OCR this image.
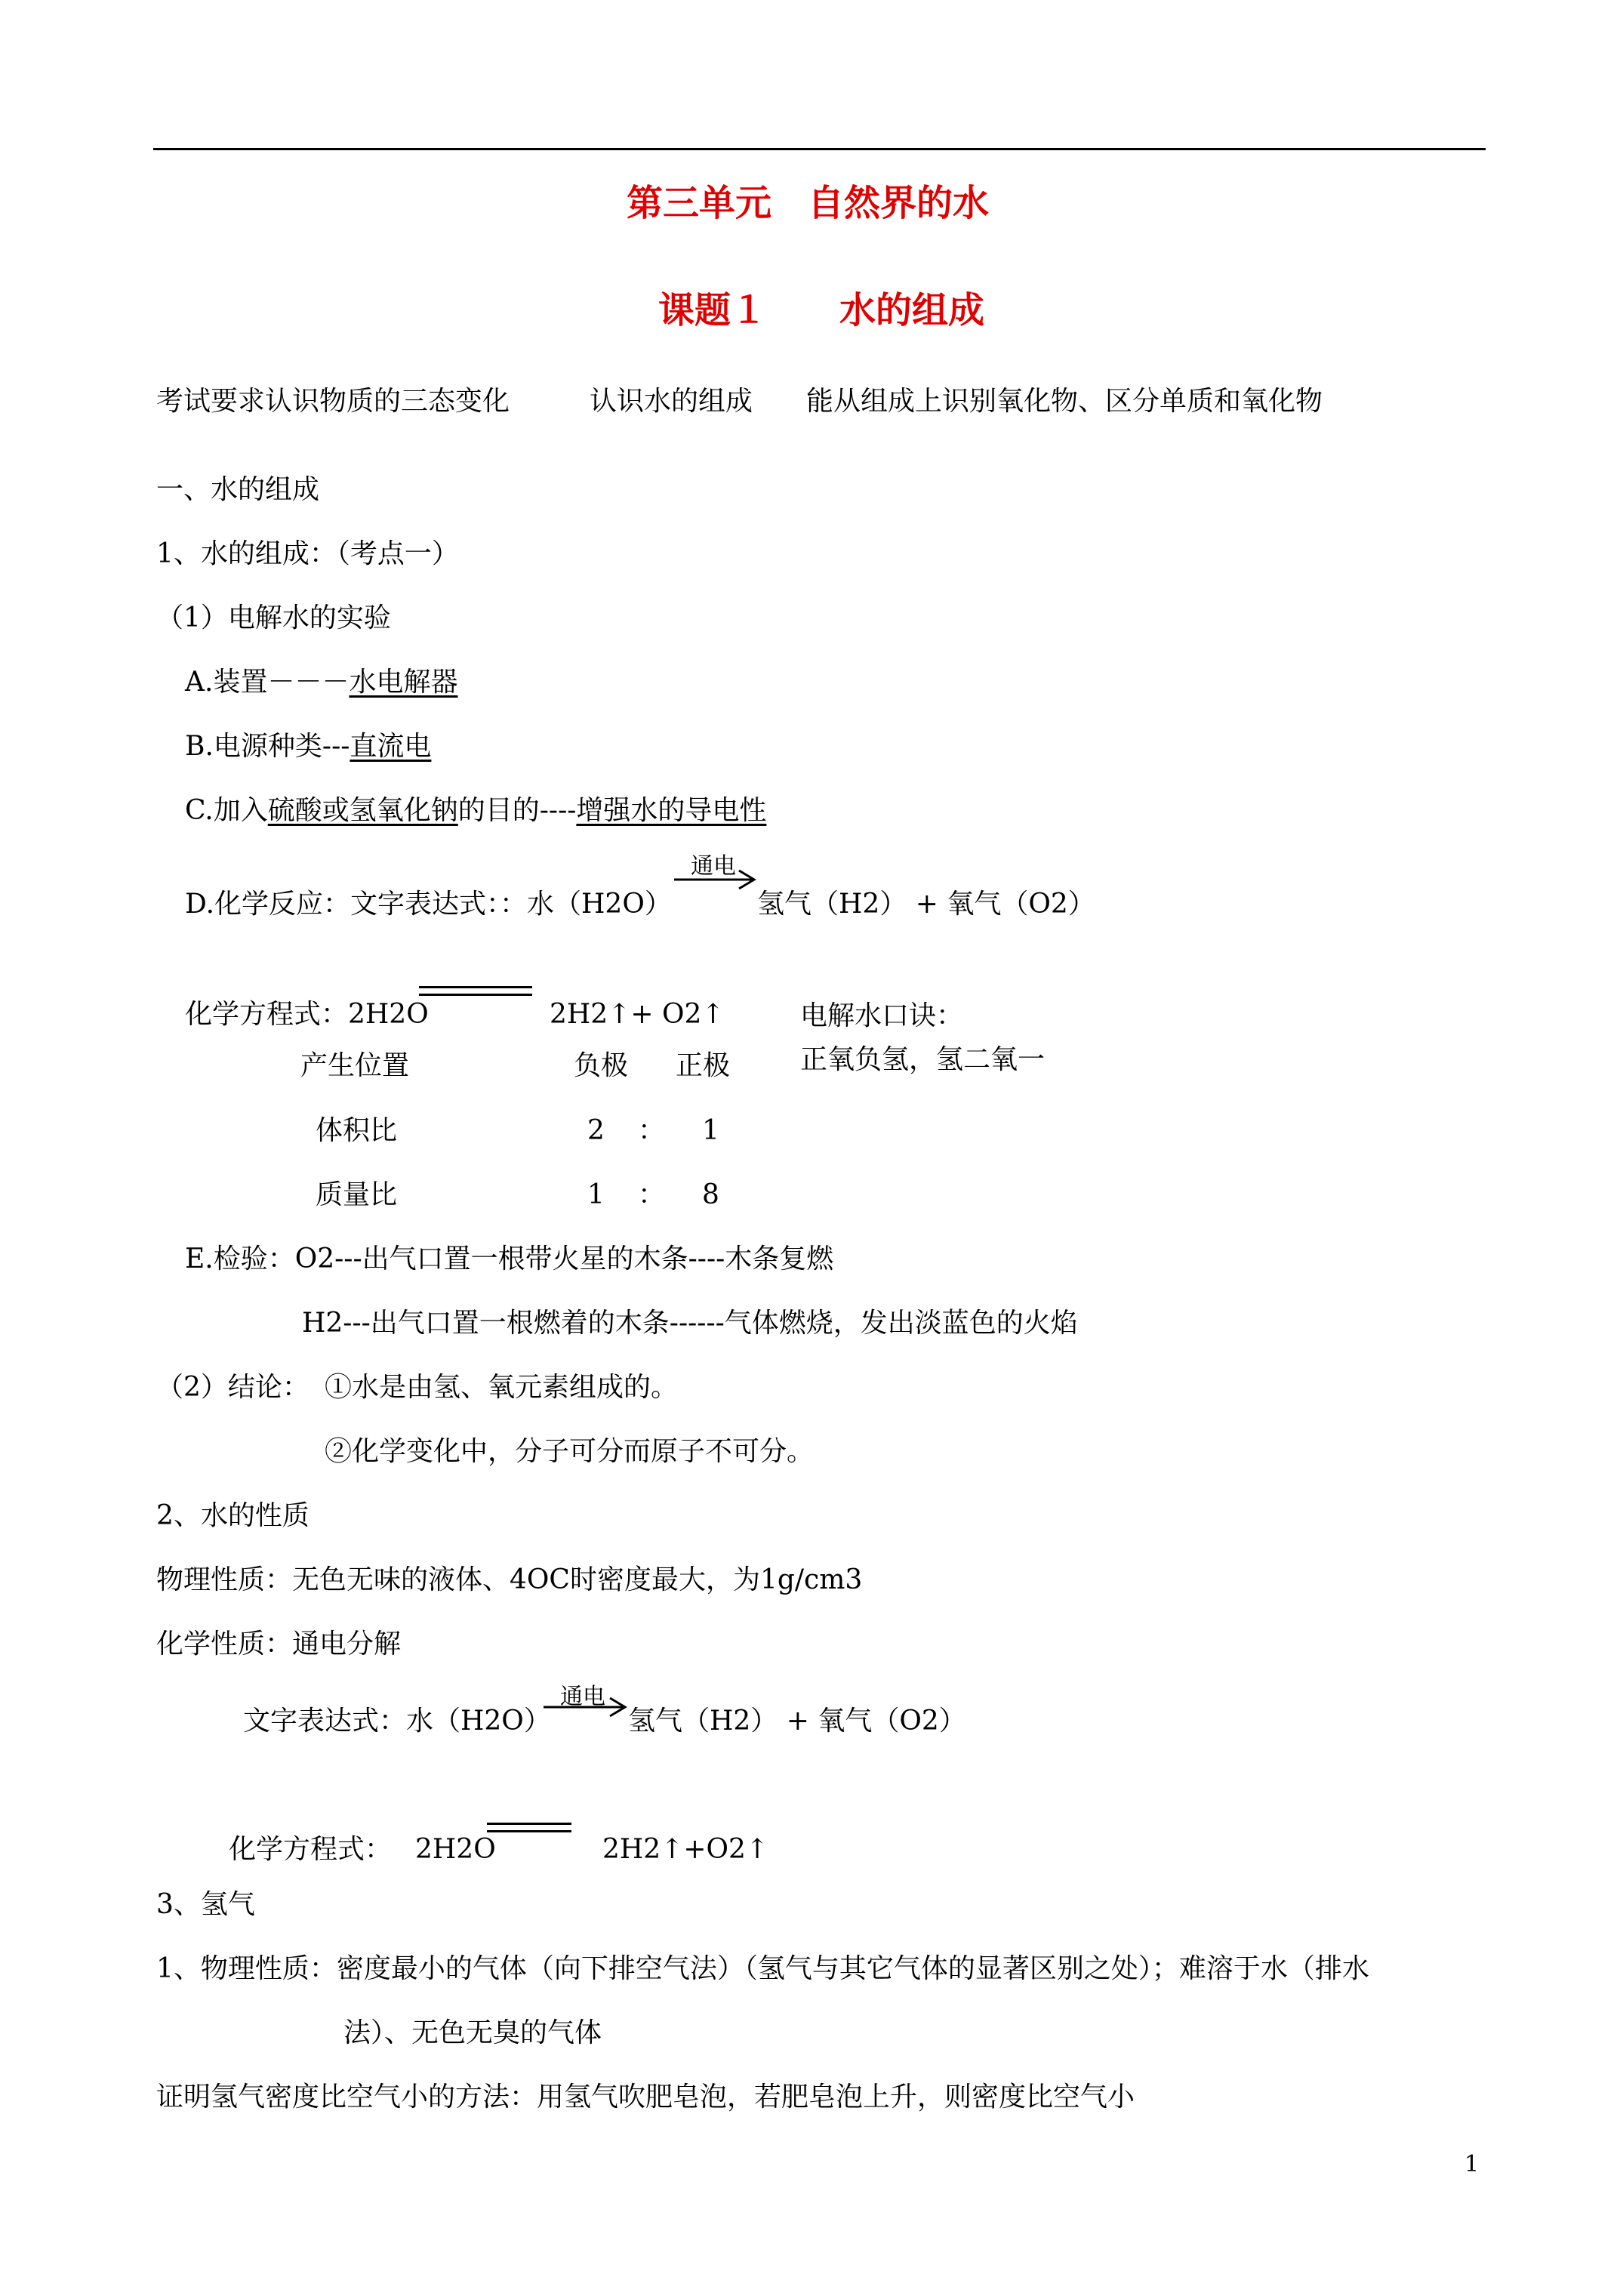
第三单元　自然界的水
课题１　　水的组成
考试要求认识物质的三态变化	认识水的组成 能从组成上识别氧化物、区分单质和氧化物
一、水的组成
1、水的组成：（考点一）
（1）电解水的实验
A.装置－－－水电解器
B.电源种类---直流电
C.加入硫酸或氢氧化钠的目的----增强水的导电性
D.化学反应：文字表达式：：水（H2O）
通电
氢气（H2） + 氧气（O2）
化学方程式：2H2O	2H2↑+ O2↑	电解水口诀：
正氧负氢，氢二氧一
产生位置	负极 正极
体积比	2 ： 1
质量比	1 ： 8
E.检验：O2---出气口置一根带火星的木条----木条复燃
H2---出气口置一根燃着的木条------气体燃烧，发出淡蓝色的火焰
（2）结论： ①水是由氢、氧元素组成的。
②化学变化中，分子可分而原子不可分。
2、水的性质
物理性质：无色无味的液体、4OC时密度最大，为1g/cm3
化学性质：通电分解
文字表达式：水（H2O）
通电
氢气（H2） + 氧气（O2）
化学方程式： 2H2O	2H2↑+O2↑
3、氢气
1、物理性质：密度最小的气体（向下排空气法）（氢气与其它气体的显著区别之处）；难溶于水（排水
法）、无色无臭的气体
证明氢气密度比空气小的方法：用氢气吹肥皂泡，若肥皂泡上升，则密度比空气小
1
